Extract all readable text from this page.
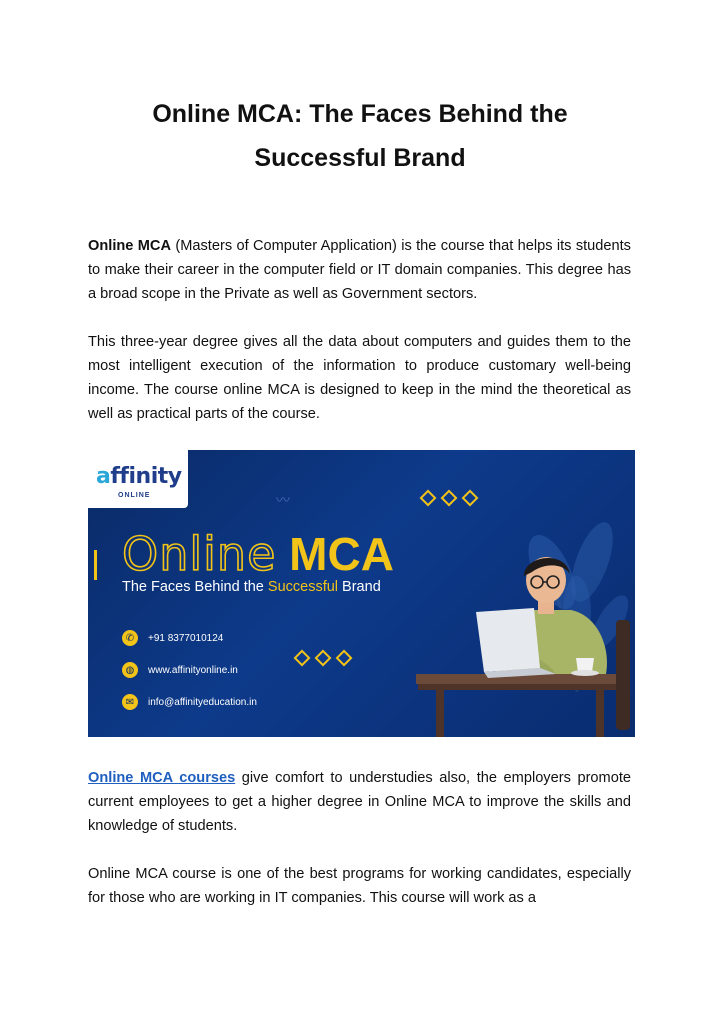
Online MCA: The Faces Behind the
Successful Brand

Online MCA (Masters of Computer Application) is the course that helps its students to make their career in the computer field or IT domain companies. This degree has a broad scope in the Private as well as Government sectors.

This three-year degree gives all the data about computers and guides them to the most intelligent execution of the information to produce customary well-being income. The course online MCA is designed to keep in the mind the theoretical as well as practical parts of the course.

affinity
ONLINE	〰
Online MCA
The Faces Behind the Successful Brand
✆	+91 8377010124
◍	www.affinityonline.in
✉	info@affinityeducation.in

Online MCA courses give comfort to understudies also, the employers promote current employees to get a higher degree in Online MCA to improve the skills and knowledge of students.

Online MCA course is one of the best programs for working candidates, especially for those who are working in IT companies. This course will work as a
